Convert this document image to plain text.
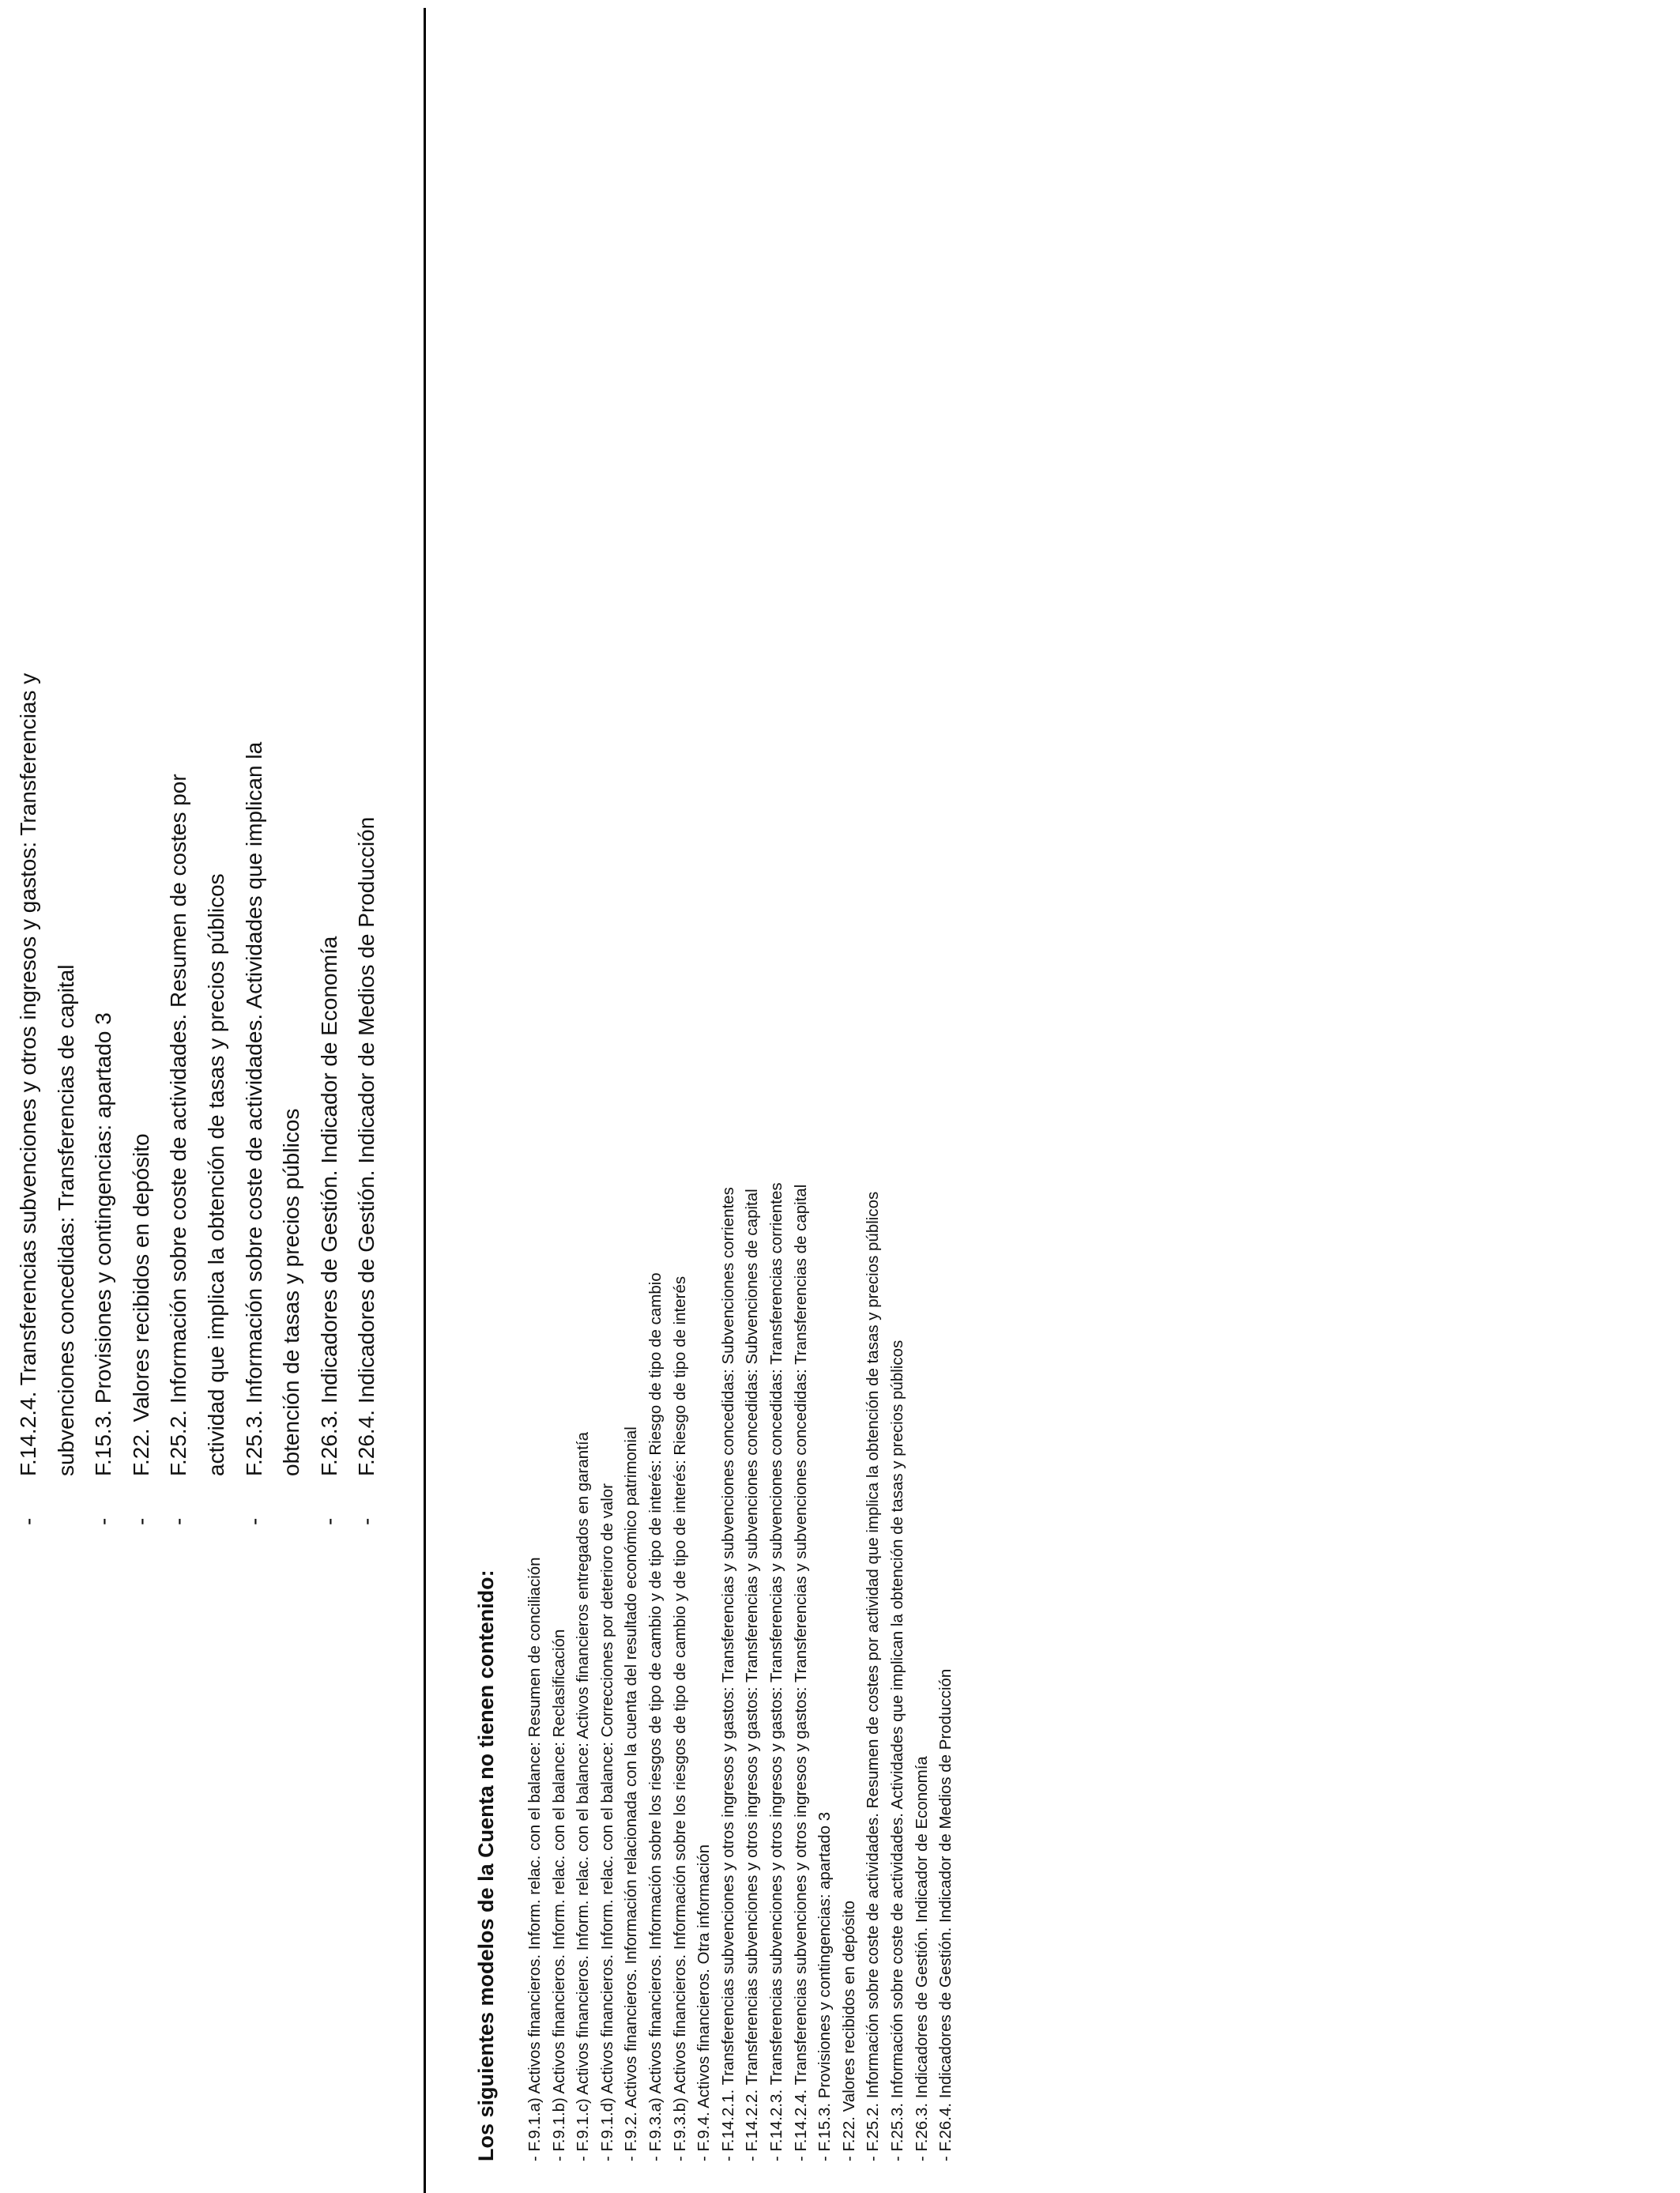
-
F.14.2.4. Transferencias subvenciones y otros ingresos y gastos: Transferencias y subvenciones concedidas: Transferencias de capital
-
F.15.3. Provisiones y contingencias: apartado 3
-
F.22. Valores recibidos en depósito
-
F.25.2. Información sobre coste de actividades. Resumen de costes por actividad que implica la obtención de tasas y precios públicos
-
F.25.3. Información sobre coste de actividades. Actividades que implican la obtención de tasas y precios públicos
-
F.26.3. Indicadores de Gestión. Indicador de Economía
-
F.26.4. Indicadores de Gestión. Indicador de Medios de Producción
Los siguientes modelos de la Cuenta no tienen contenido: - F.9.1.a) Activos financieros. Inform. relac. con el balance: Resumen de conciliación - F.9.1.b) Activos financieros. Inform. relac. con el balance: Reclasificación - F.9.1.c) Activos financieros. Inform. relac. con el balance: Activos financieros entregados en garantía - F.9.1.d) Activos financieros. Inform. relac. con el balance: Correcciones por deterioro de valor - F.9.2. Activos financieros. Información relacionada con la cuenta del resultado económico patrimonial - F.9.3.a) Activos financieros. Información sobre los riesgos de tipo de cambio y de tipo de interés: Riesgo de tipo de cambio - F.9.3.b) Activos financieros. Información sobre los riesgos de tipo de cambio y de tipo de interés: Riesgo de tipo de interés - F.9.4. Activos financieros. Otra información - F.14.2.1. Transferencias subvenciones y otros ingresos y gastos: Transferencias y subvenciones concedidas: Subvenciones corrientes - F.14.2.2. Transferencias subvenciones y otros ingresos y gastos: Transferencias y subvenciones concedidas: Subvenciones de capital - F.14.2.3. Transferencias subvenciones y otros ingresos y gastos: Transferencias y subvenciones concedidas: Transferencias corrientes - F.14.2.4. Transferencias subvenciones y otros ingresos y gastos: Transferencias y subvenciones concedidas: Transferencias de capital - F.15.3. Provisiones y contingencias: apartado 3 - F.22. Valores recibidos en depósito - F.25.2. Información sobre coste de actividades. Resumen de costes por actividad que implica la obtención de tasas y precios públicos - F.25.3. Información sobre coste de actividades. Actividades que implican la obtención de tasas y precios públicos - F.26.3. Indicadores de Gestión. Indicador de Economía - F.26.4. Indicadores de Gestión. Indicador de Medios de Producción
